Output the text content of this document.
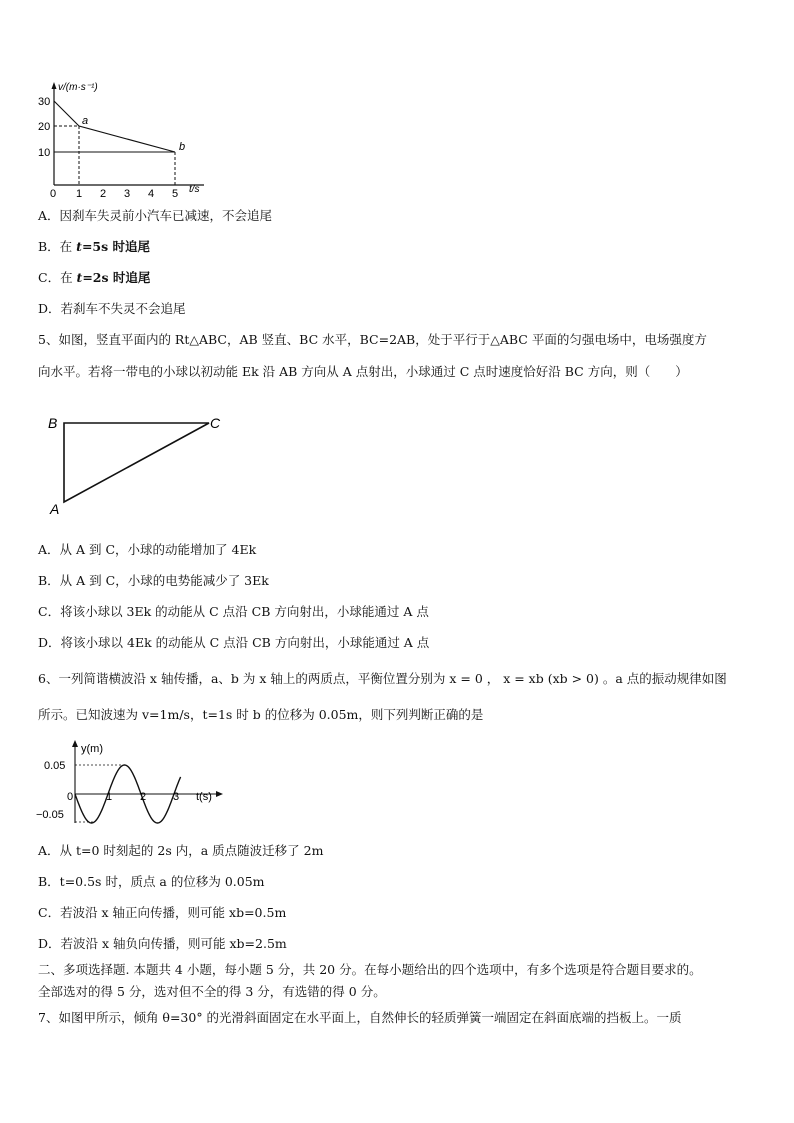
v/(m·s⁻¹)
30
20
10
0 1 2 3 4 5 t/s
a
b
A．因刹车失灵前小汽车已减速，不会追尾
B．在 t=5s 时追尾
C．在 t=2s 时追尾
D．若刹车不失灵不会追尾
5、如图，竖直平面内的 Rt△ABC，AB 竖直、BC 水平，BC=2AB，处于平行于△ABC 平面的匀强电场中，电场强度方
向水平。若将一带电的小球以初动能 Ek 沿 AB 方向从 A 点射出，小球通过 C 点时速度恰好沿 BC 方向，则（　　）
B	C
A
A．从 A 到 C，小球的动能增加了 4Ek
B．从 A 到 C，小球的电势能减少了 3Ek
C．将该小球以 3Ek 的动能从 C 点沿 CB 方向射出，小球能通过 A 点
D．将该小球以 4Ek 的动能从 C 点沿 CB 方向射出，小球能通过 A 点
6、一列简谐横波沿 x 轴传播，a、b 为 x 轴上的两质点，平衡位置分别为 x = 0 ， x = xb (xb > 0) 。a 点的振动规律如图
所示。已知波速为 v=1m/s，t=1s 时 b 的位移为 0.05m，则下列判断正确的是
y(m)
0.05
−0.05
0	1	2 3 t(s)
A．从 t=0 时刻起的 2s 内，a 质点随波迁移了 2m
B．t=0.5s 时，质点 a 的位移为 0.05m
C．若波沿 x 轴正向传播，则可能 xb=0.5m
D．若波沿 x 轴负向传播，则可能 xb=2.5m
二、多项选择题. 本题共 4 小题，每小题 5 分，共 20 分。在每小题给出的四个选项中，有多个选项是符合题目要求的。
全部选对的得 5 分，选对但不全的得 3 分，有选错的得 0 分。
7、如图甲所示，倾角 θ=30° 的光滑斜面固定在水平面上，自然伸长的轻质弹簧一端固定在斜面底端的挡板上。一质
